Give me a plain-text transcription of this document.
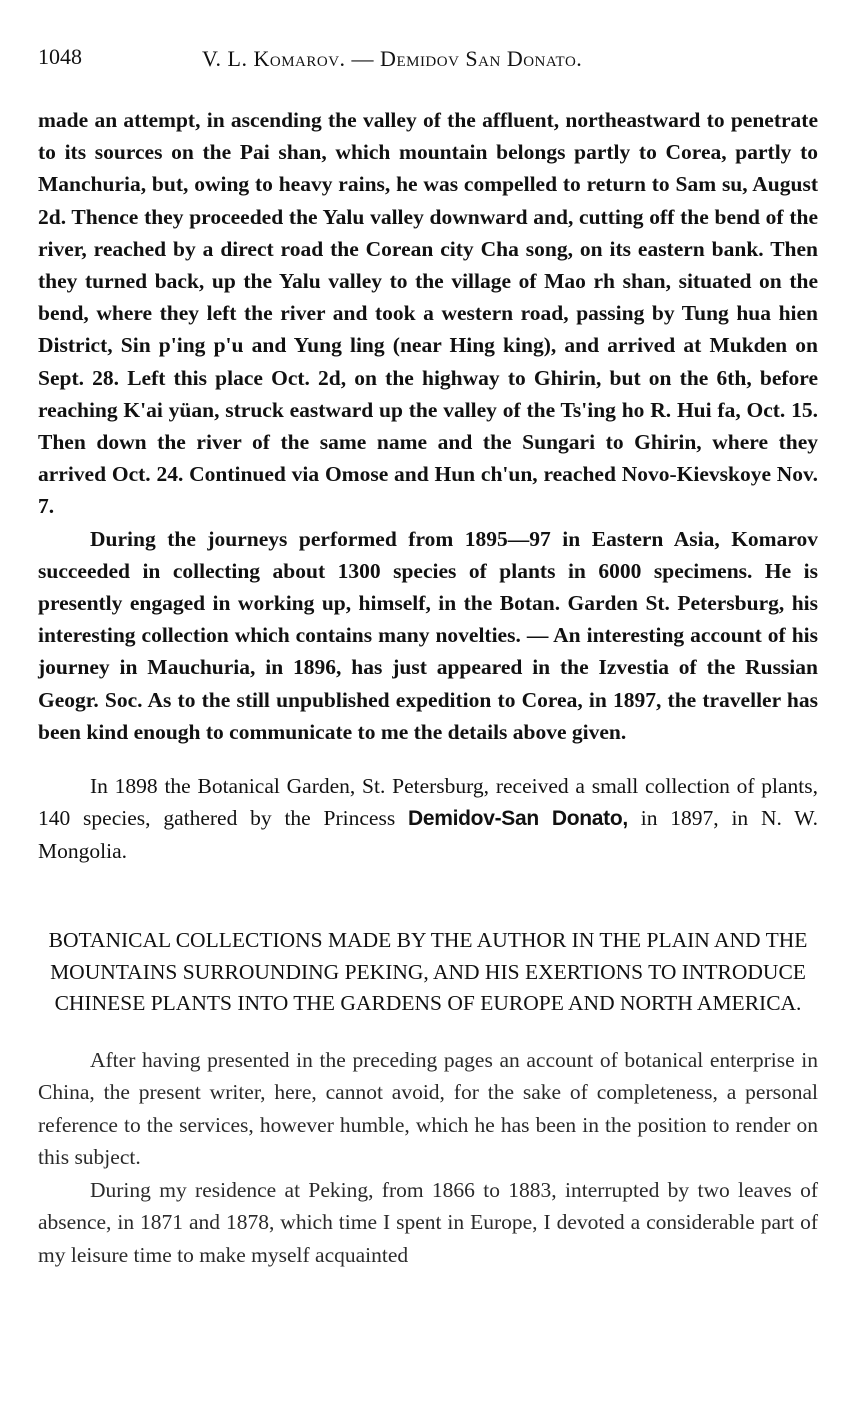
1048	V. L. Komarov. — Demidov San Donato.

made an attempt, in ascending the valley of the affluent, northeastward to penetrate to its sources on the Pai shan, which mountain belongs partly to Corea, partly to Manchuria, but, owing to heavy rains, he was compelled to return to Sam su, August 2d. Thence they proceeded the Yalu valley downward and, cutting off the bend of the river, reached by a direct road the Corean city Cha song, on its eastern bank. Then they turned back, up the Yalu valley to the village of Mao rh shan, situated on the bend, where they left the river and took a western road, passing by Tung hua hien District, Sin p'ing p'u and Yung ling (near Hing king), and arrived at Mukden on Sept. 28. Left this place Oct. 2d, on the highway to Ghirin, but on the 6th, before reaching K'ai yüan, struck eastward up the valley of the Ts'ing ho R. Hui fa, Oct. 15. Then down the river of the same name and the Sungari to Ghirin, where they arrived Oct. 24. Continued via Omose and Hun ch'un, reached Novo-Kievskoye Nov. 7.

During the journeys performed from 1895—97 in Eastern Asia, Komarov succeeded in collecting about 1300 species of plants in 6000 specimens. He is presently engaged in working up, himself, in the Botan. Garden St. Petersburg, his interesting collection which contains many novelties. — An interesting account of his journey in Mauchuria, in 1896, has just appeared in the Izvestia of the Russian Geogr. Soc. As to the still unpublished expedition to Corea, in 1897, the traveller has been kind enough to communicate to me the details above given.

In 1898 the Botanical Garden, St. Petersburg, received a small collection of plants, 140 species, gathered by the Princess Demidov-San Donato, in 1897, in N. W. Mongolia.

BOTANICAL COLLECTIONS MADE BY THE AUTHOR IN THE PLAIN AND THE MOUNTAINS SURROUNDING PEKING, AND HIS EXERTIONS TO INTRODUCE CHINESE PLANTS INTO THE GARDENS OF EUROPE AND NORTH AMERICA.

After having presented in the preceding pages an account of botanical enterprise in China, the present writer, here, cannot avoid, for the sake of completeness, a personal reference to the services, however humble, which he has been in the position to render on this subject.

During my residence at Peking, from 1866 to 1883, interrupted by two leaves of absence, in 1871 and 1878, which time I spent in Europe, I devoted a considerable part of my leisure time to make myself acquainted
